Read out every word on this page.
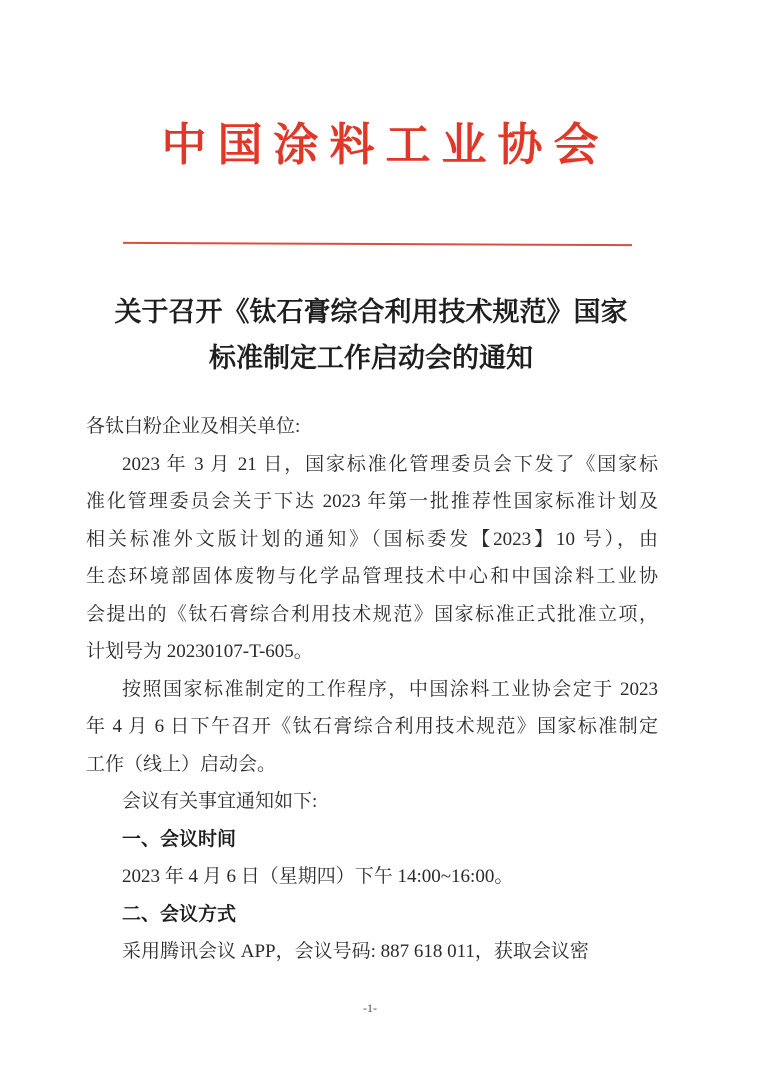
中国涂料工业协会
关于召开《钛石膏综合利用技术规范》国家
标准制定工作启动会的通知
各钛白粉企业及相关单位:
2023 年 3 月 21 日，国家标准化管理委员会下发了《国家标
准化管理委员会关于下达 2023 年第一批推荐性国家标准计划及
相关标准外文版计划的通知》（国标委发【2023】10 号），由
生态环境部固体废物与化学品管理技术中心和中国涂料工业协
会提出的《钛石膏综合利用技术规范》国家标准正式批准立项，
计划号为 20230107-T-605。
按照国家标准制定的工作程序，中国涂料工业协会定于 2023
年 4 月 6 日下午召开《钛石膏综合利用技术规范》国家标准制定
工作（线上）启动会。
会议有关事宜通知如下:
一、会议时间
2023 年 4 月 6 日（星期四）下午 14:00~16:00。
二、会议方式
采用腾讯会议 APP，会议号码: 887 618 011，获取会议密
-1-
